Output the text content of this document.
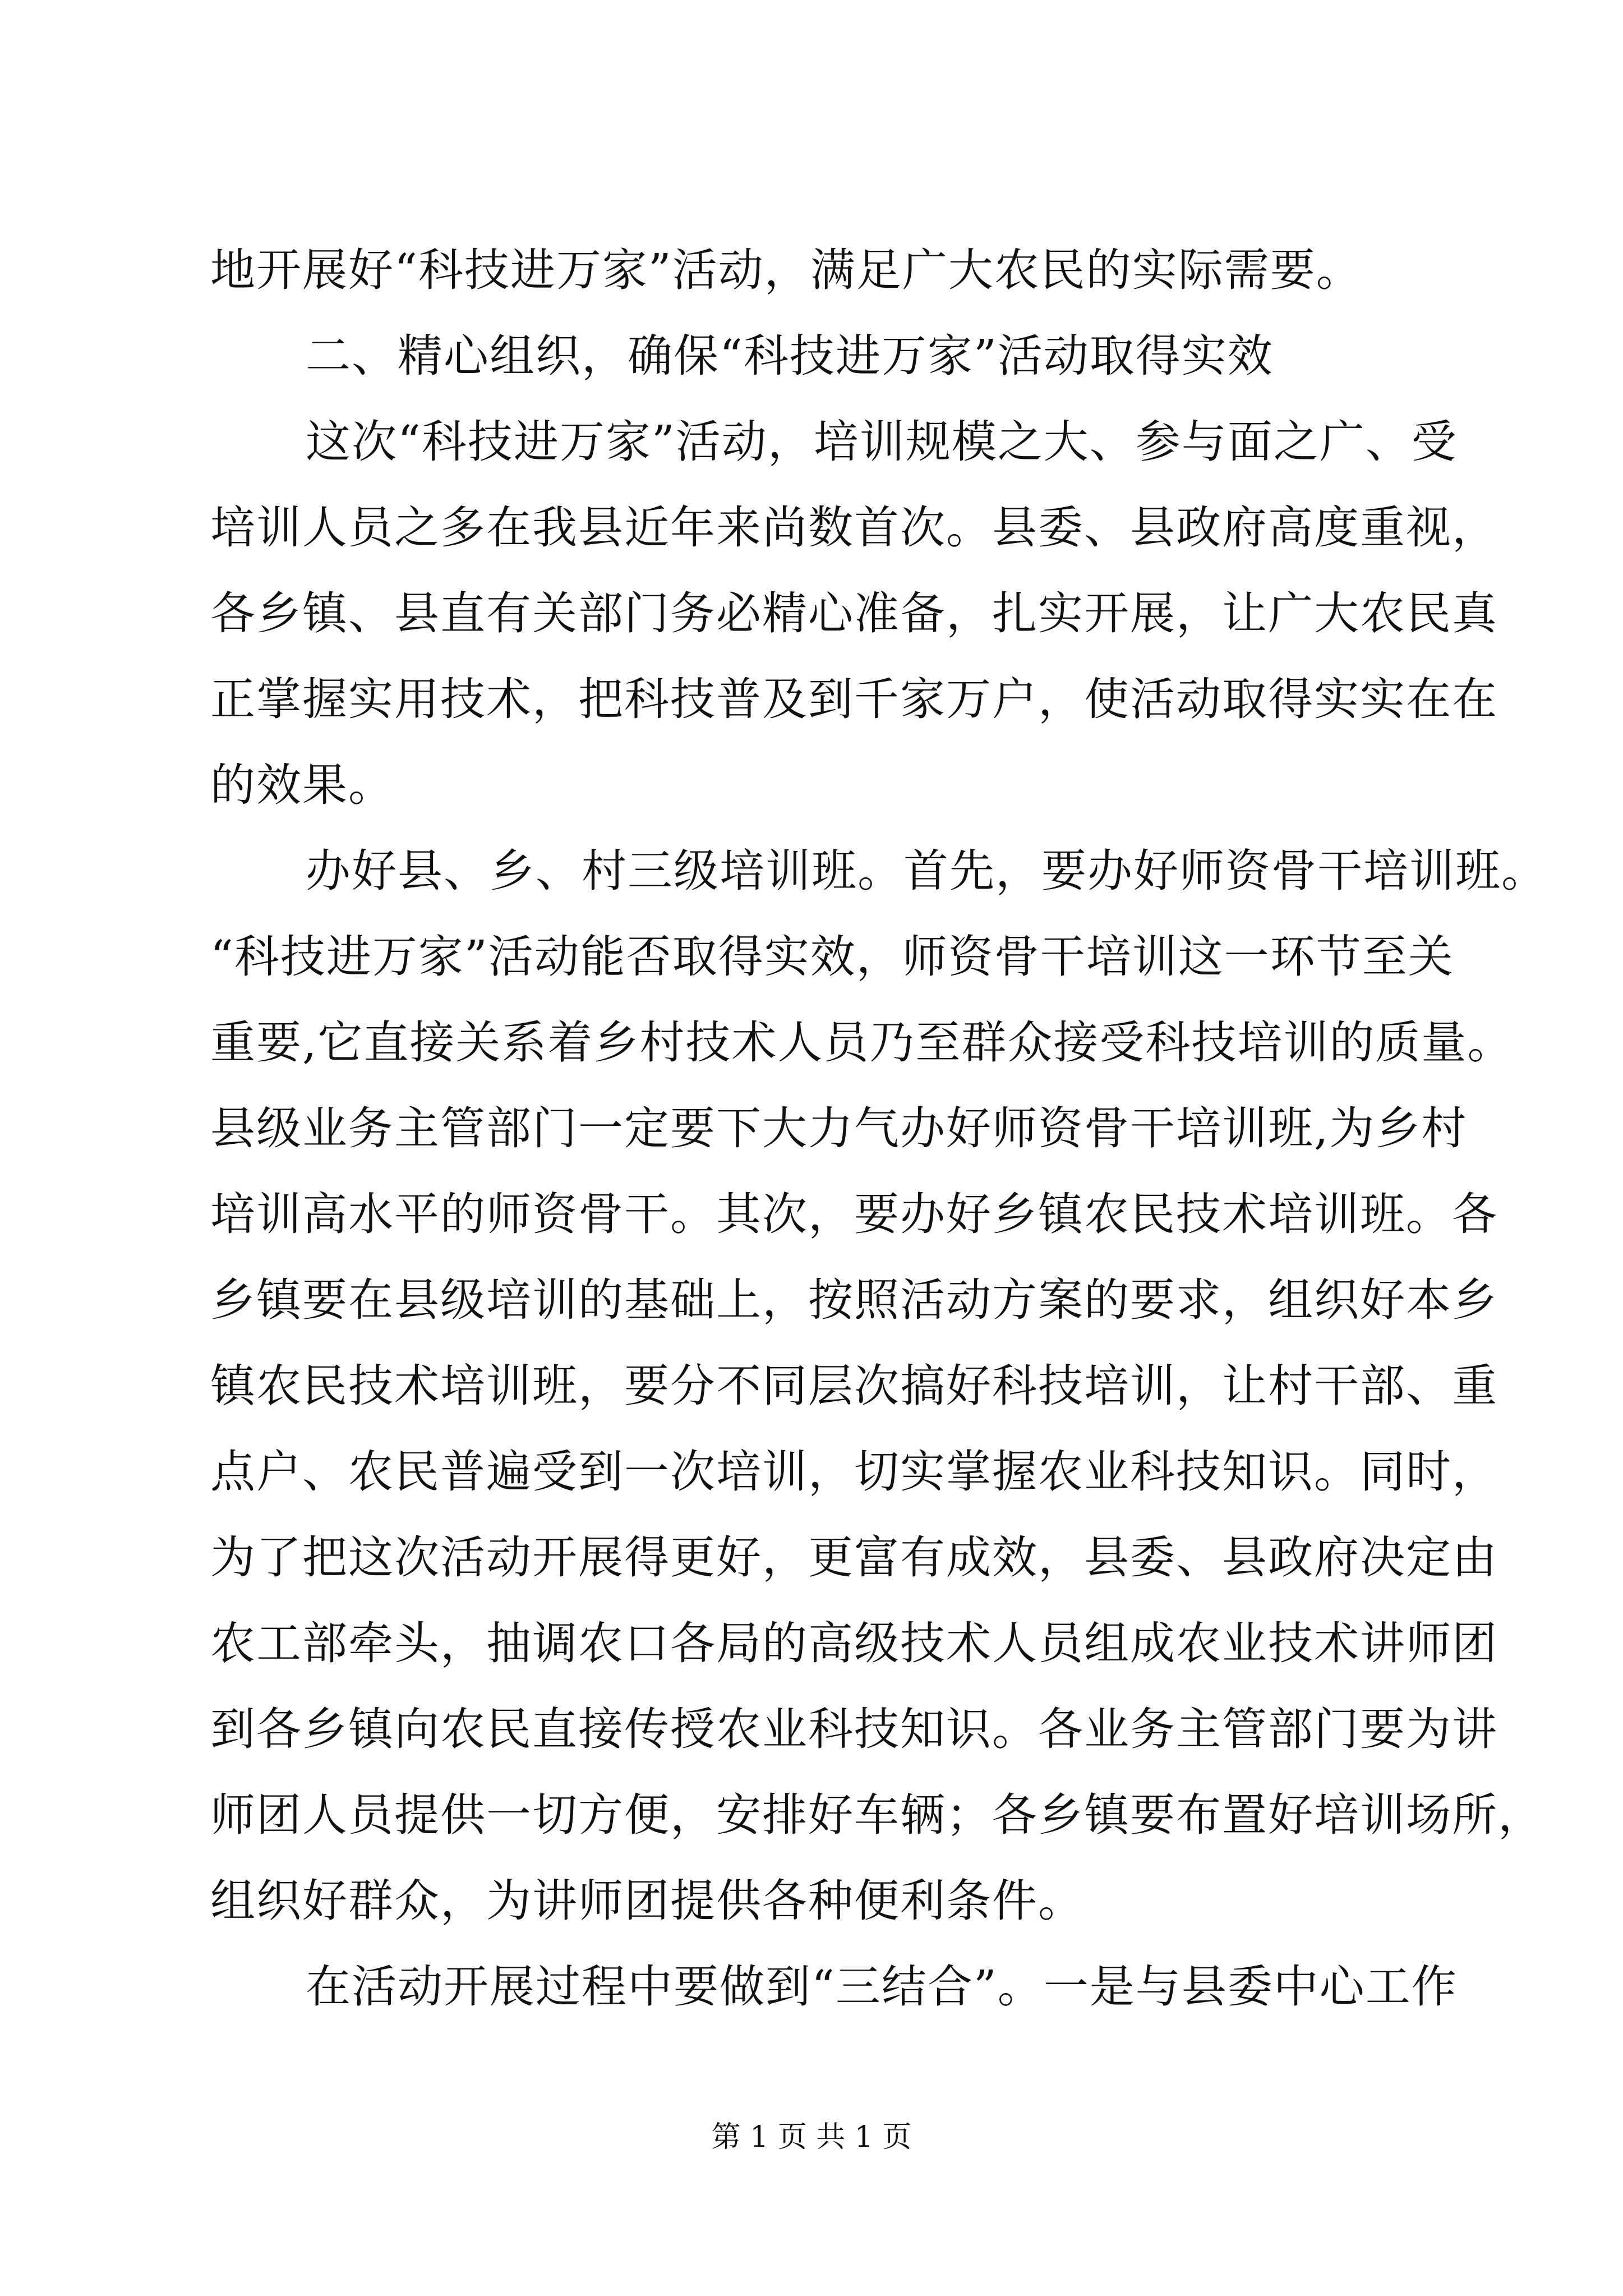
地开展好“科技进万家”活动，满足广大农民的实际需要。
二、精心组织，确保“科技进万家”活动取得实效
这次“科技进万家”活动，培训规模之大、参与面之广、受
培训人员之多在我县近年来尚数首次。县委、县政府高度重视，
各乡镇、县直有关部门务必精心准备，扎实开展，让广大农民真
正掌握实用技术，把科技普及到千家万户，使活动取得实实在在
的效果。
办好县、乡、村三级培训班。首先，要办好师资骨干培训班。
“科技进万家”活动能否取得实效，师资骨干培训这一环节至关
重要,它直接关系着乡村技术人员乃至群众接受科技培训的质量。
县级业务主管部门一定要下大力气办好师资骨干培训班,为乡村
培训高水平的师资骨干。其次，要办好乡镇农民技术培训班。各
乡镇要在县级培训的基础上，按照活动方案的要求，组织好本乡
镇农民技术培训班，要分不同层次搞好科技培训，让村干部、重
点户、农民普遍受到一次培训，切实掌握农业科技知识。同时，
为了把这次活动开展得更好，更富有成效，县委、县政府决定由
农工部牵头，抽调农口各局的高级技术人员组成农业技术讲师团
到各乡镇向农民直接传授农业科技知识。各业务主管部门要为讲
师团人员提供一切方便，安排好车辆；各乡镇要布置好培训场所，
组织好群众，为讲师团提供各种便利条件。
在活动开展过程中要做到“三结合”。一是与县委中心工作
第 1 页 共 1 页
